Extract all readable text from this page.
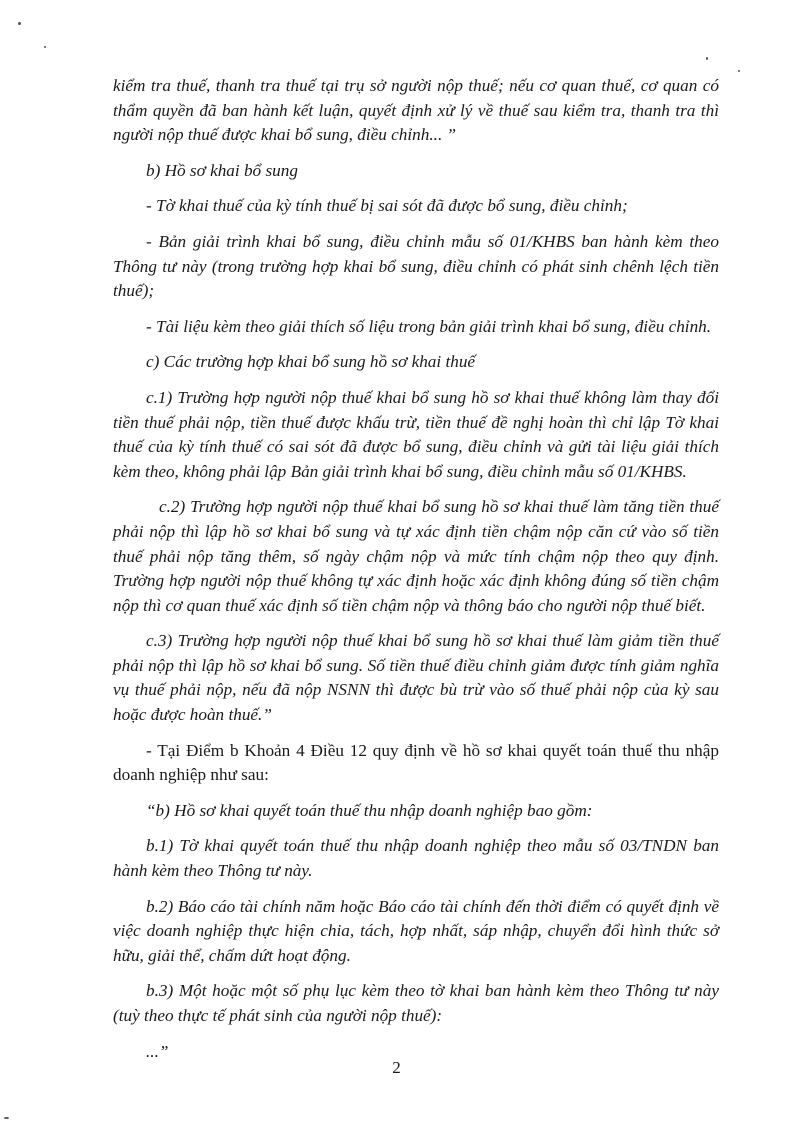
kiểm tra thuế, thanh tra thuế tại trụ sở người nộp thuế; nếu cơ quan thuế, cơ quan có thẩm quyền đã ban hành kết luận, quyết định xử lý về thuế sau kiểm tra, thanh tra thì người nộp thuế được khai bổ sung, điều chỉnh... ”

b) Hồ sơ khai bổ sung

- Tờ khai thuế của kỳ tính thuế bị sai sót đã được bổ sung, điều chỉnh;

- Bản giải trình khai bổ sung, điều chỉnh mẫu số 01/KHBS ban hành kèm theo Thông tư này (trong trường hợp khai bổ sung, điều chỉnh có phát sinh chênh lệch tiền thuế);

- Tài liệu kèm theo giải thích số liệu trong bản giải trình khai bổ sung, điều chỉnh.

c) Các trường hợp khai bổ sung hồ sơ khai thuế

c.1) Trường hợp người nộp thuế khai bổ sung hồ sơ khai thuế không làm thay đổi tiền thuế phải nộp, tiền thuế được khấu trừ, tiền thuế đề nghị hoàn thì chỉ lập Tờ khai thuế của kỳ tính thuế có sai sót đã được bổ sung, điều chỉnh và gửi tài liệu giải thích kèm theo, không phải lập Bản giải trình khai bổ sung, điều chỉnh mẫu số 01/KHBS.

c.2) Trường hợp người nộp thuế khai bổ sung hồ sơ khai thuế làm tăng tiền thuế phải nộp thì lập hồ sơ khai bổ sung và tự xác định tiền chậm nộp căn cứ vào số tiền thuế phải nộp tăng thêm, số ngày chậm nộp và mức tính chậm nộp theo quy định. Trường hợp người nộp thuế không tự xác định hoặc xác định không đúng số tiền chậm nộp thì cơ quan thuế xác định số tiền chậm nộp và thông báo cho người nộp thuế biết.

c.3) Trường hợp người nộp thuế khai bổ sung hồ sơ khai thuế làm giảm tiền thuế phải nộp thì lập hồ sơ khai bổ sung. Số tiền thuế điều chỉnh giảm được tính giảm nghĩa vụ thuế phải nộp, nếu đã nộp NSNN thì được bù trừ vào số thuế phải nộp của kỳ sau hoặc được hoàn thuế.”

- Tại Điểm b Khoản 4 Điều 12 quy định về hồ sơ khai quyết toán thuế thu nhập doanh nghiệp như sau:

“b) Hồ sơ khai quyết toán thuế thu nhập doanh nghiệp bao gồm:

b.1) Tờ khai quyết toán thuế thu nhập doanh nghiệp theo mẫu số 03/TNDN ban hành kèm theo Thông tư này.

b.2) Báo cáo tài chính năm hoặc Báo cáo tài chính đến thời điểm có quyết định về việc doanh nghiệp thực hiện chia, tách, hợp nhất, sáp nhập, chuyển đổi hình thức sở hữu, giải thể, chấm dứt hoạt động.

b.3) Một hoặc một số phụ lục kèm theo tờ khai ban hành kèm theo Thông tư này (tuỳ theo thực tế phát sinh của người nộp thuế):

...”

2
